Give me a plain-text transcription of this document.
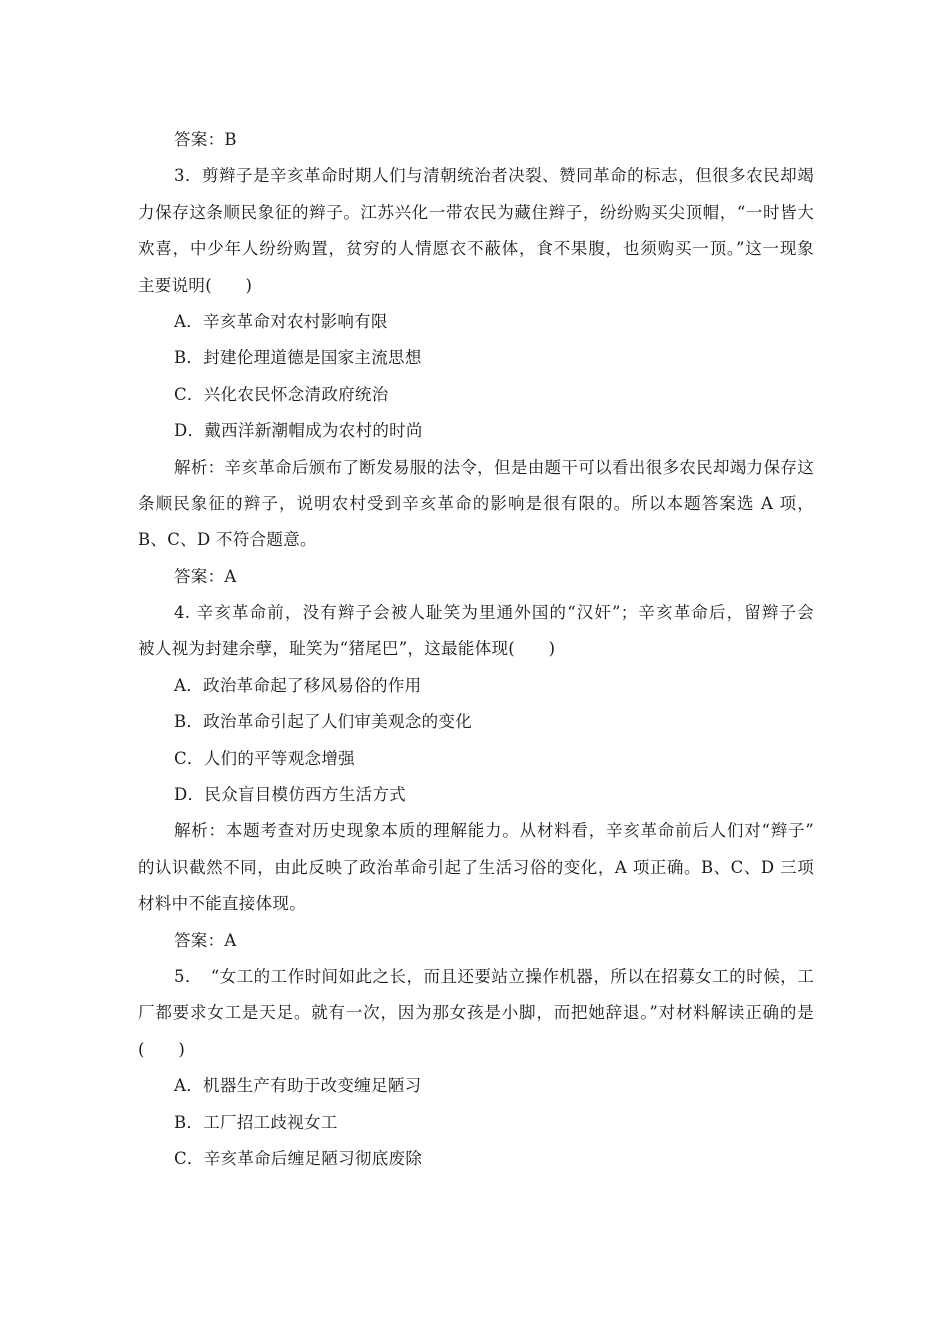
答案：B
3．剪辫子是辛亥革命时期人们与清朝统治者决裂、赞同革命的标志，但很多农民却竭
力保存这条顺民象征的辫子。江苏兴化一带农民为藏住辫子，纷纷购买尖顶帽，“一时皆大
欢喜，中少年人纷纷购置，贫穷的人情愿衣不蔽体，食不果腹，也须购买一顶。”这一现象
主要说明(　　)
A．辛亥革命对农村影响有限
B．封建伦理道德是国家主流思想
C．兴化农民怀念清政府统治
D．戴西洋新潮帽成为农村的时尚
解析：辛亥革命后颁布了断发易服的法令，但是由题干可以看出很多农民却竭力保存这
条顺民象征的辫子，说明农村受到辛亥革命的影响是很有限的。所以本题答案选 A 项，
B、C、D 不符合题意。
答案：A
4. 辛亥革命前，没有辫子会被人耻笑为里通外国的“汉奸”；辛亥革命后，留辫子会
被人视为封建余孽，耻笑为“猪尾巴”，这最能体现(　　)
A．政治革命起了移风易俗的作用
B．政治革命引起了人们审美观念的变化
C．人们的平等观念增强
D．民众盲目模仿西方生活方式
解析：本题考查对历史现象本质的理解能力。从材料看，辛亥革命前后人们对“辫子”
的认识截然不同，由此反映了政治革命引起了生活习俗的变化，A 项正确。B、C、D 三项
材料中不能直接体现。
答案：A
5．　“女工的工作时间如此之长，而且还要站立操作机器，所以在招募女工的时候，工
厂都要求女工是天足。就有一次，因为那女孩是小脚，而把她辞退。”对材料解读正确的是
(　　)
A．机器生产有助于改变缠足陋习
B．工厂招工歧视女工
C．辛亥革命后缠足陋习彻底废除
